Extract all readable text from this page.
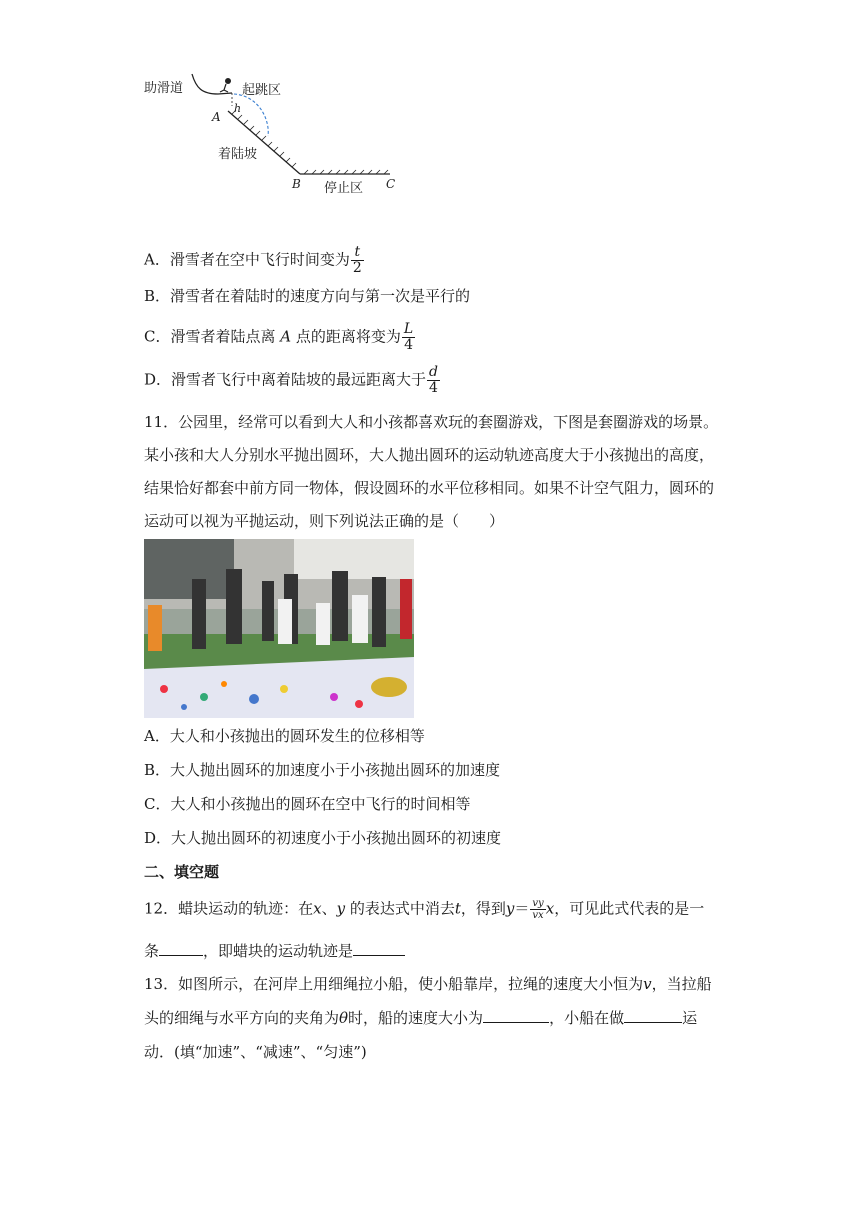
助滑道	起跳区
A
h
着陆坡
B 停止区 C
A．滑雪者在空中飞行时间变为 $\frac{t}{2}$
B．滑雪者在着陆时的速度方向与第一次是平行的
C．滑雪者着陆点离 A 点的距离将变为 $\frac{L}{4}$
D．滑雪者飞行中离着陆坡的最远距离大于 $\frac{d}{4}$
11．公园里，经常可以看到大人和小孩都喜欢玩的套圈游戏，下图是套圈游戏的场景。
某小孩和大人分别水平抛出圆环，大人抛出圆环的运动轨迹高度大于小孩抛出的高度，
结果恰好都套中前方同一物体，假设圆环的水平位移相同。如果不计空气阻力，圆环的
运动可以视为平抛运动，则下列说法正确的是（　　）
A．大人和小孩抛出的圆环发生的位移相等
B．大人抛出圆环的加速度小于小孩抛出圆环的加速度
C．大人和小孩抛出的圆环在空中飞行的时间相等
D．大人抛出圆环的初速度小于小孩抛出圆环的初速度
二、填空题
12．蜡块运动的轨迹：在x、y 的表达式中消去t，得到$y= \frac{vy}{vx}$ x，可见此式代表的是一
条	，即蜡块的运动轨迹是
13．如图所示，在河岸上用细绳拉小船，使小船靠岸，拉绳的速度大小恒为v，当拉船
头的细绳与水平方向的夹角为θ时，船的速度大小为	，小船在做	运
动．(填“加速”、“减速”、“匀速”)
